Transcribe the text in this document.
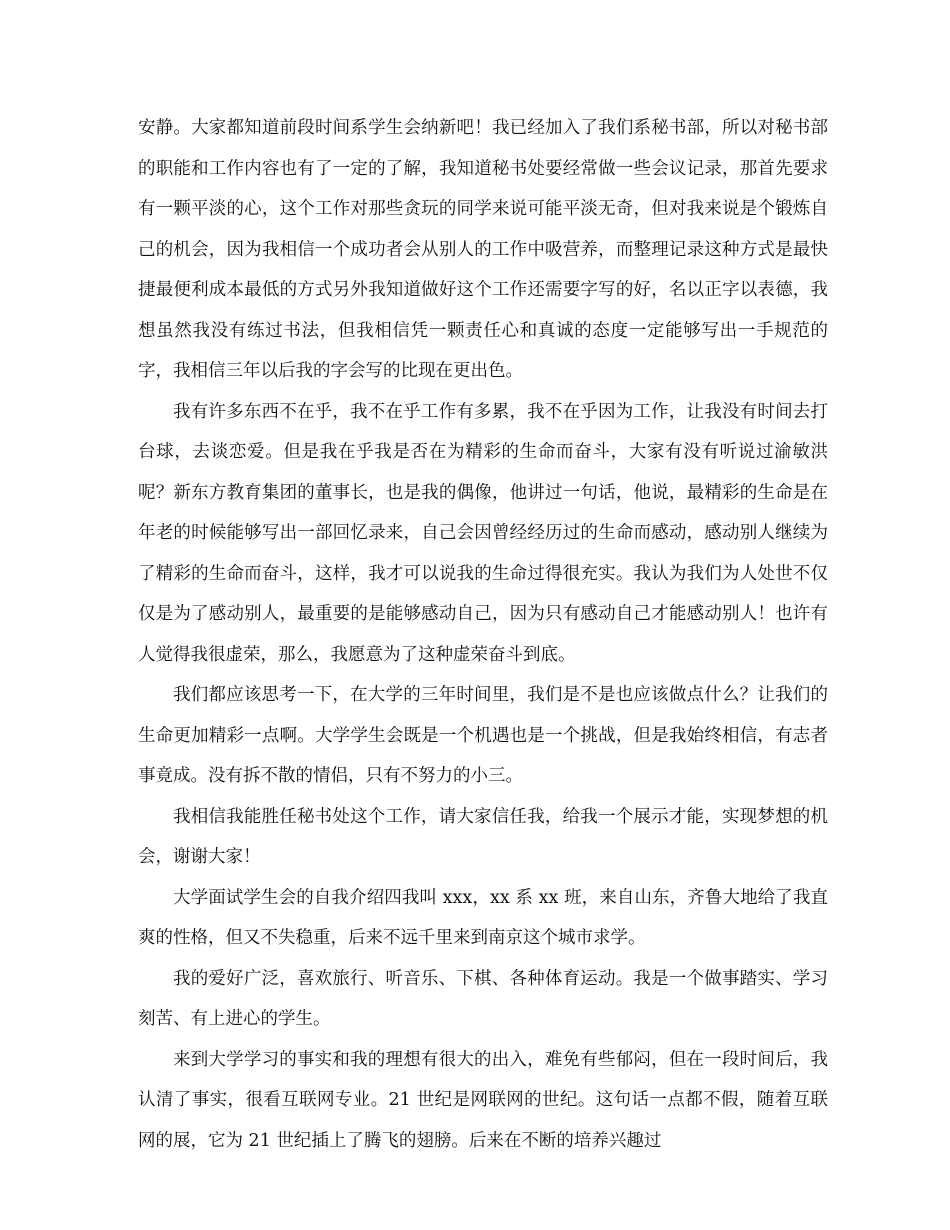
安静。大家都知道前段时间系学生会纳新吧！我已经加入了我们系秘书部，所以对秘书部的职能和工作内容也有了一定的了解，我知道秘书处要经常做一些会议记录，那首先要求有一颗平淡的心，这个工作对那些贪玩的同学来说可能平淡无奇，但对我来说是个锻炼自己的机会，因为我相信一个成功者会从别人的工作中吸营养，而整理记录这种方式是最快捷最便利成本最低的方式另外我知道做好这个工作还需要字写的好，名以正字以表德，我想虽然我没有练过书法，但我相信凭一颗责任心和真诚的态度一定能够写出一手规范的字，我相信三年以后我的字会写的比现在更出色。

我有许多东西不在乎，我不在乎工作有多累，我不在乎因为工作，让我没有时间去打台球，去谈恋爱。但是我在乎我是否在为精彩的生命而奋斗，大家有没有听说过渝敏洪呢？新东方教育集团的董事长，也是我的偶像，他讲过一句话，他说，最精彩的生命是在年老的时候能够写出一部回忆录来，自己会因曾经经历过的生命而感动，感动别人继续为了精彩的生命而奋斗，这样，我才可以说我的生命过得很充实。我认为我们为人处世不仅仅是为了感动别人，最重要的是能够感动自己，因为只有感动自己才能感动别人！也许有人觉得我很虚荣，那么，我愿意为了这种虚荣奋斗到底。

我们都应该思考一下，在大学的三年时间里，我们是不是也应该做点什么？让我们的生命更加精彩一点啊。大学学生会既是一个机遇也是一个挑战，但是我始终相信，有志者事竟成。没有拆不散的情侣，只有不努力的小三。

我相信我能胜任秘书处这个工作，请大家信任我，给我一个展示才能，实现梦想的机会，谢谢大家！

大学面试学生会的自我介绍四我叫 xxx，xx 系 xx 班，来自山东，齐鲁大地给了我直爽的性格，但又不失稳重，后来不远千里来到南京这个城市求学。

我的爱好广泛，喜欢旅行、听音乐、下棋、各种体育运动。我是一个做事踏实、学习刻苦、有上进心的学生。

来到大学学习的事实和我的理想有很大的出入，难免有些郁闷，但在一段时间后，我认清了事实，很看互联网专业。21 世纪是网联网的世纪。这句话一点都不假，随着互联网的展，它为 21 世纪插上了腾飞的翅膀。后来在不断的培养兴趣过
